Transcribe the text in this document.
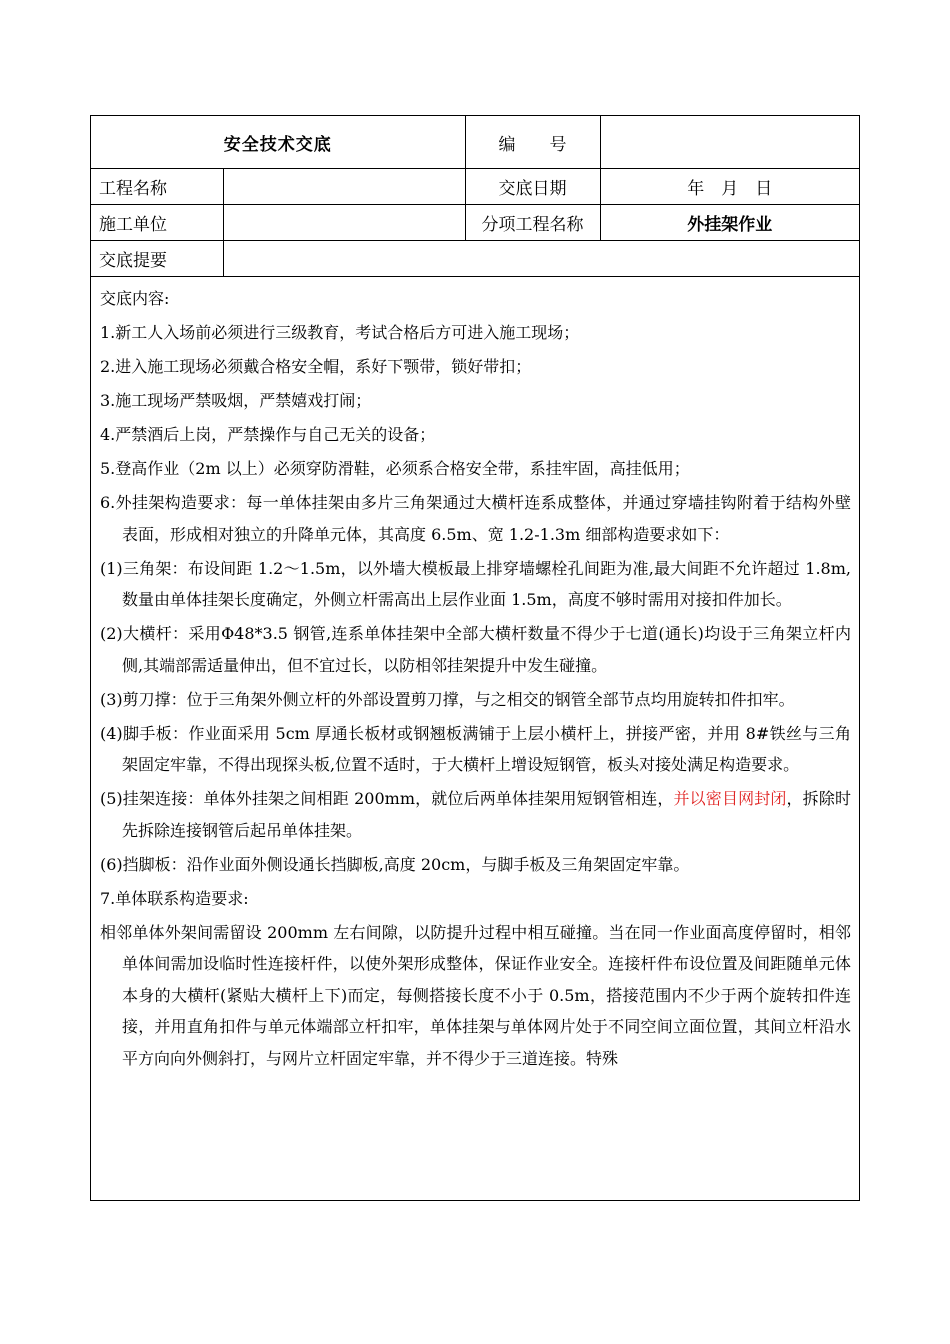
安全技术交底		编　　号	
工程名称		交底日期	年　月　日
施工单位		分项工程名称	外挂架作业
交底提要			

交底内容:

1.新工人入场前必须进行三级教育，考试合格后方可进入施工现场；

2.进入施工现场必须戴合格安全帽，系好下颚带，锁好带扣；

3.施工现场严禁吸烟，严禁嬉戏打闹；

4.严禁酒后上岗，严禁操作与自己无关的设备；

5.登高作业（2m 以上）必须穿防滑鞋，必须系合格安全带，系挂牢固，高挂低用；

6.外挂架构造要求：每一单体挂架由多片三角架通过大横杆连系成整体，并通过穿墙挂钩附着于结构外壁表面，形成相对独立的升降单元体，其高度 6.5m、宽 1.2-1.3m 细部构造要求如下：

(1)三角架：布设间距 1.2～1.5m，以外墙大模板最上排穿墙螺栓孔间距为准,最大间距不允许超过 1.8m,数量由单体挂架长度确定，外侧立杆需高出上层作业面 1.5m，高度不够时需用对接扣件加长。

(2)大横杆：采用Φ48*3.5 钢管,连系单体挂架中全部大横杆数量不得少于七道(通长)均设于三角架立杆内侧,其端部需适量伸出，但不宜过长，以防相邻挂架提升中发生碰撞。

(3)剪刀撑：位于三角架外侧立杆的外部设置剪刀撑，与之相交的钢管全部节点均用旋转扣件扣牢。

(4)脚手板：作业面采用 5cm 厚通长板材或钢翘板满铺于上层小横杆上，拼接严密，并用 8#铁丝与三角架固定牢靠，不得出现探头板,位置不适时，于大横杆上增设短钢管，板头对接处满足构造要求。

(5)挂架连接：单体外挂架之间相距 200mm，就位后两单体挂架用短钢管相连，并以密目网封闭，拆除时先拆除连接钢管后起吊单体挂架。

(6)挡脚板：沿作业面外侧设通长挡脚板,高度 20cm，与脚手板及三角架固定牢靠。

7.单体联系构造要求:

相邻单体外架间需留设 200mm 左右间隙，以防提升过程中相互碰撞。当在同一作业面高度停留时，相邻单体间需加设临时性连接杆件，以使外架形成整体，保证作业安全。连接杆件布设位置及间距随单元体本身的大横杆(紧贴大横杆上下)而定，每侧搭接长度不小于 0.5m，搭接范围内不少于两个旋转扣件连接，并用直角扣件与单元体端部立杆扣牢，单体挂架与单体网片处于不同空间立面位置，其间立杆沿水平方向向外侧斜打，与网片立杆固定牢靠，并不得少于三道连接。特殊
